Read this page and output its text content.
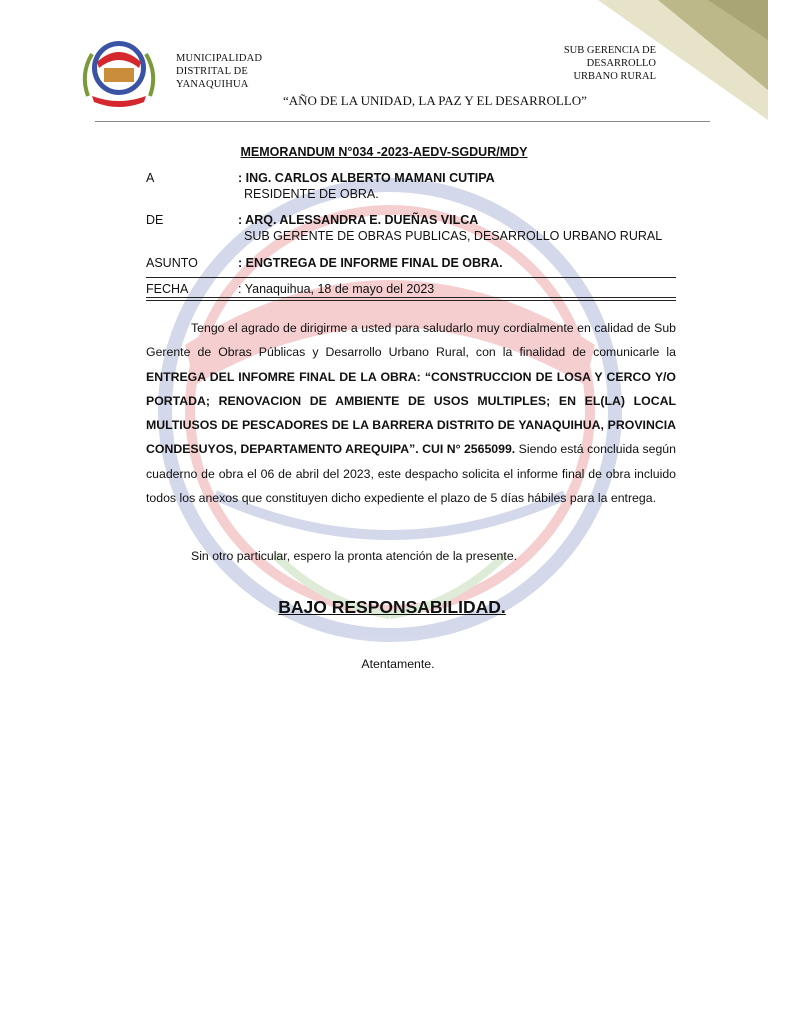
MUNICIPALIDAD
DISTRITAL DE
YANAQUIHUA
SUB GERENCIA DE
DESARROLLO
URBANO RURAL
“AÑO DE LA UNIDAD, LA PAZ Y EL DESARROLLO”
MEMORANDUM N°034 -2023-AEDV-SGDUR/MDY
A	: ING. CARLOS ALBERTO MAMANI CUTIPA
RESIDENTE DE OBRA.
DE	: ARQ. ALESSANDRA E. DUEÑAS VILCA
SUB GERENTE DE OBRAS PUBLICAS, DESARROLLO URBANO RURAL
ASUNTO	: ENGTREGA DE INFORME FINAL DE OBRA.
FECHA	: Yanaquihua, 18 de mayo del 2023

Tengo el agrado de dirigirme a usted para saludarlo muy cordialmente en calidad de Sub Gerente de Obras Públicas y Desarrollo Urbano Rural, con la finalidad de comunicarle la ENTREGA DEL INFOMRE FINAL DE LA OBRA: “CONSTRUCCION DE LOSA Y CERCO Y/O PORTADA; RENOVACION DE AMBIENTE DE USOS MULTIPLES; EN EL(LA) LOCAL MULTIUSOS DE PESCADORES DE LA BARRERA DISTRITO DE YANAQUIHUA, PROVINCIA CONDESUYOS, DEPARTAMENTO AREQUIPA”. CUI N° 2565099. Siendo está concluida según cuaderno de obra el 06 de abril del 2023, este despacho solicita el informe final de obra incluido todos los anexos que constituyen dicho expediente el plazo de 5 días hábiles para la entrega.

Sin otro particular, espero la pronta atención de la presente.
BAJO RESPONSABILIDAD.
Atentamente.
